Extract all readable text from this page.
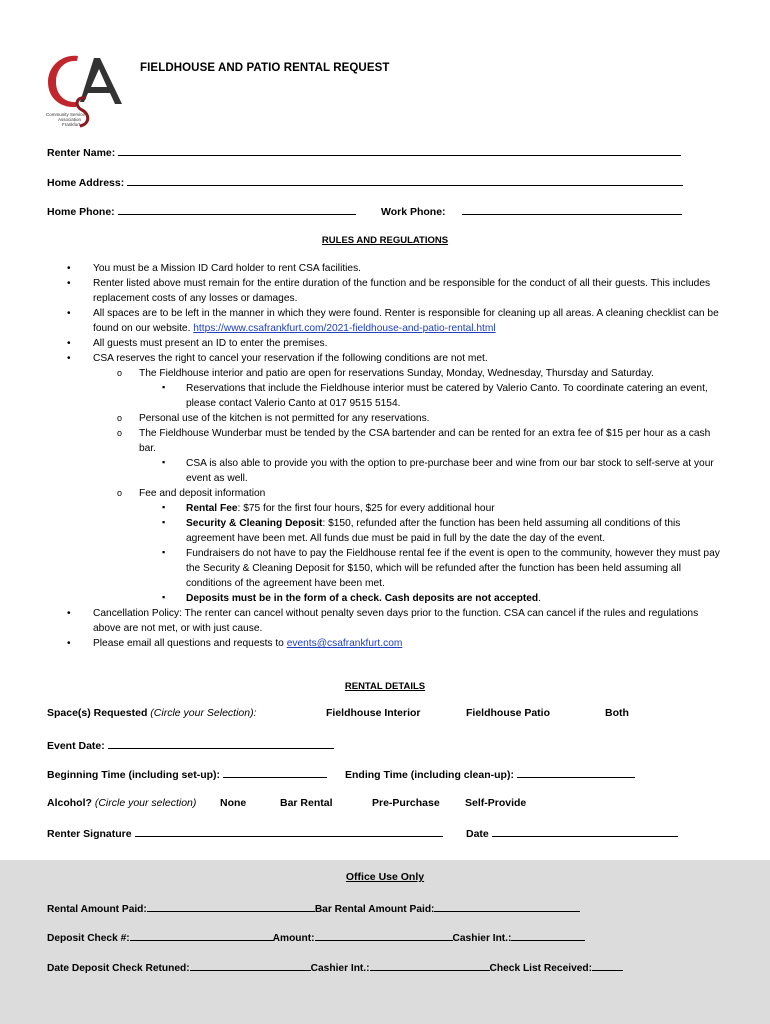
Community Service
Association
Frankfurt
FIELDHOUSE AND PATIO RENTAL REQUEST
Renter Name:
Home Address:
Home Phone:	Work Phone:
RULES AND REGULATIONS
• You must be a Mission ID Card holder to rent CSA facilities.
• Renter listed above must remain for the entire duration of the function and be responsible for the conduct of all their guests. This includes replacement costs of any losses or damages.
• All spaces are to be left in the manner in which they were found. Renter is responsible for cleaning up all areas. A cleaning checklist can be found on our website. https://www.csafrankfurt.com/2021-fieldhouse-and-patio-rental.html
• All guests must present an ID to enter the premises.
• CSA reserves the right to cancel your reservation if the following conditions are not met.
o The Fieldhouse interior and patio are open for reservations Sunday, Monday, Wednesday, Thursday and Saturday.
▪ Reservations that include the Fieldhouse interior must be catered by Valerio Canto. To coordinate catering an event, please contact Valerio Canto at 017 9515 5154.
o Personal use of the kitchen is not permitted for any reservations.
o The Fieldhouse Wunderbar must be tended by the CSA bartender and can be rented for an extra fee of $15 per hour as a cash bar.
▪ CSA is also able to provide you with the option to pre-purchase beer and wine from our bar stock to self-serve at your event as well.
o Fee and deposit information
▪ Rental Fee: $75 for the first four hours, $25 for every additional hour
▪ Security & Cleaning Deposit: $150, refunded after the function has been held assuming all conditions of this agreement have been met. All funds due must be paid in full by the date the day of the event.
▪ Fundraisers do not have to pay the Fieldhouse rental fee if the event is open to the community, however they must pay the Security & Cleaning Deposit for $150, which will be refunded after the function has been held assuming all conditions of the agreement have been met.
▪ Deposits must be in the form of a check. Cash deposits are not accepted.
• Cancellation Policy: The renter can cancel without penalty seven days prior to the function. CSA can cancel if the rules and regulations above are not met, or with just cause.
• Please email all questions and requests to events@csafrankfurt.com
RENTAL DETAILS
Space(s) Requested (Circle your Selection):	Fieldhouse Interior	Fieldhouse Patio	Both
Event Date:
Beginning Time (including set-up):	Ending Time (including clean-up):
Alcohol? (Circle your selection) None	Bar Rental	Pre-Purchase Self-Provide
Renter Signature	Date
Office Use Only
Rental Amount Paid:	Bar Rental Amount Paid:
Deposit Check #:	Amount:	Cashier Int.:
Date Deposit Check Retuned:	Cashier Int.:	Check List Received:
